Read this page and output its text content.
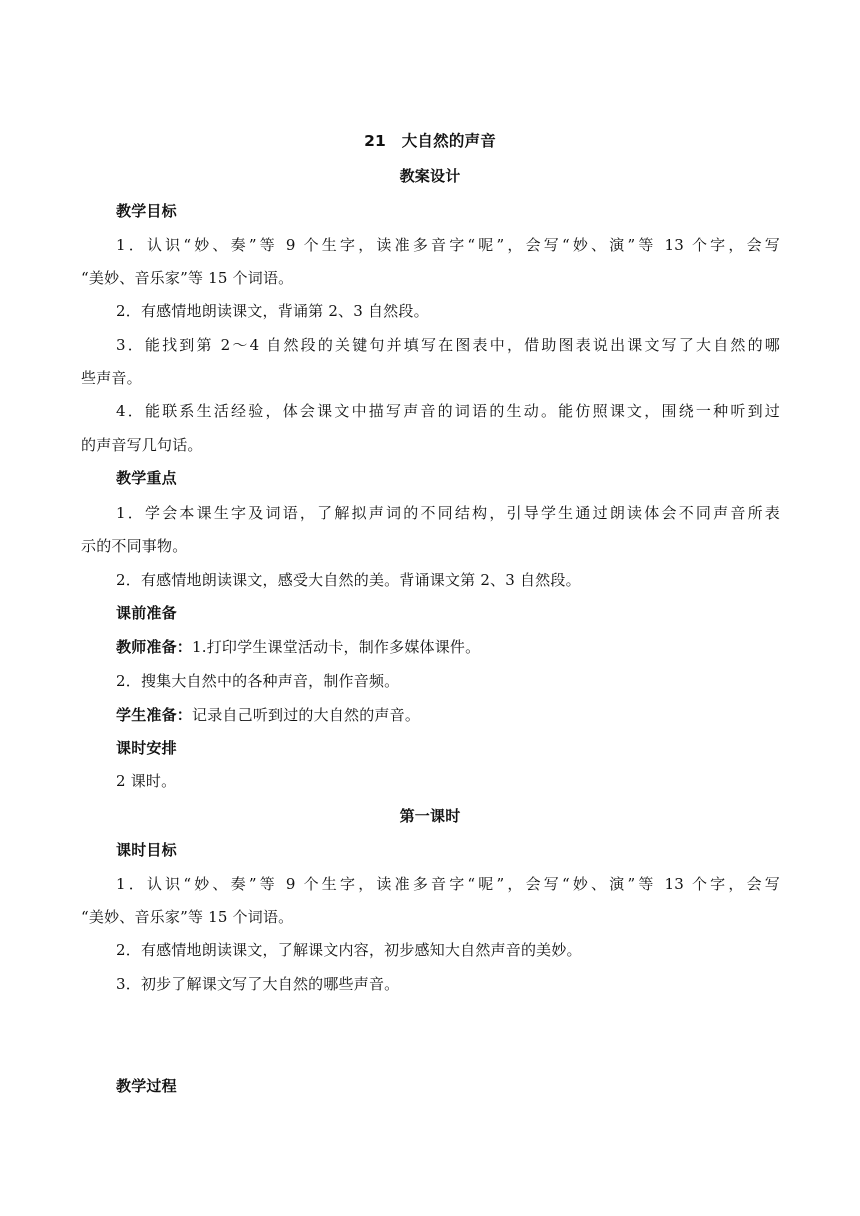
21　大自然的声音
教案设计
教学目标
1．认识“妙、奏”等 9 个生字，读准多音字“呢”，会写“妙、演”等 13 个字，会写
“美妙、音乐家”等 15 个词语。
2．有感情地朗读课文，背诵第 2、3 自然段。
3．能找到第 2～4 自然段的关键句并填写在图表中，借助图表说出课文写了大自然的哪
些声音。
4．能联系生活经验，体会课文中描写声音的词语的生动。能仿照课文，围绕一种听到过
的声音写几句话。
教学重点
1．学会本课生字及词语，了解拟声词的不同结构，引导学生通过朗读体会不同声音所表
示的不同事物。
2．有感情地朗读课文，感受大自然的美。背诵课文第 2、3 自然段。
课前准备
教师准备：1.打印学生课堂活动卡，制作多媒体课件。
2．搜集大自然中的各种声音，制作音频。
学生准备：记录自己听到过的大自然的声音。
课时安排
2 课时。
第一课时
课时目标
1．认识“妙、奏”等 9 个生字，读准多音字“呢”，会写“妙、演”等 13 个字，会写
“美妙、音乐家”等 15 个词语。
2．有感情地朗读课文，了解课文内容，初步感知大自然声音的美妙。
3．初步了解课文写了大自然的哪些声音。
教学过程
